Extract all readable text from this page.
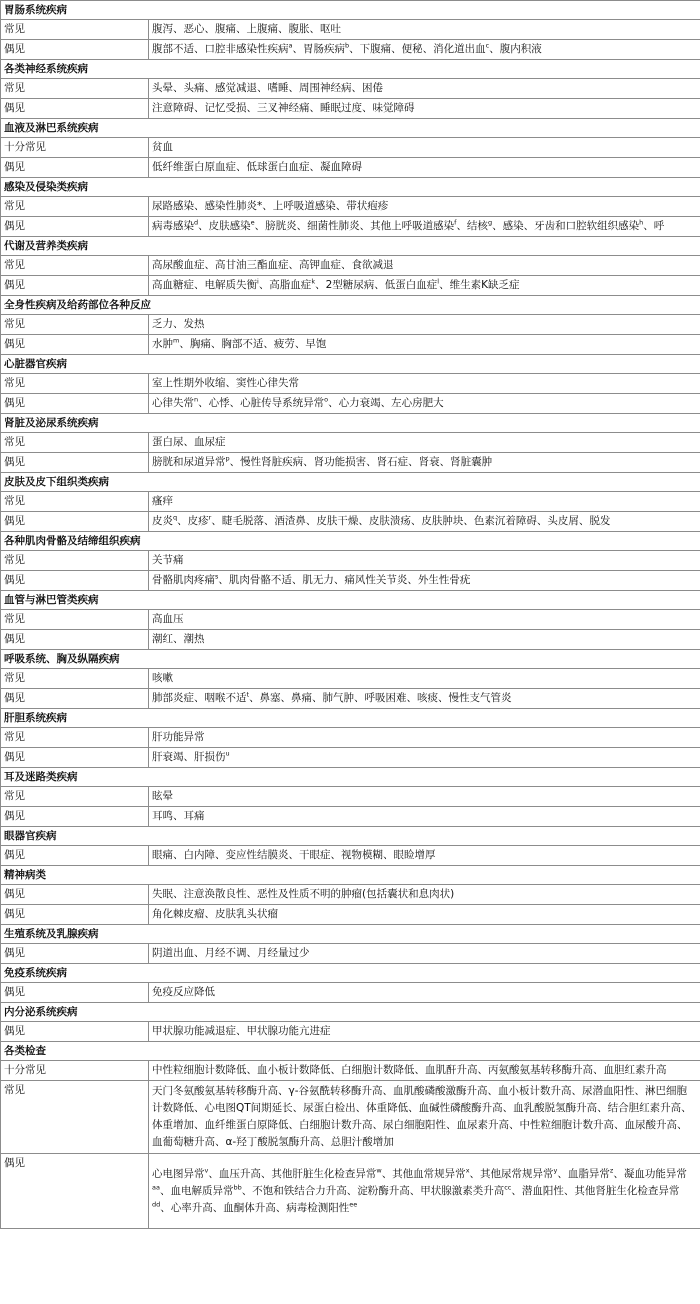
胃肠系统疾病	
常见	腹泻、恶心、腹痛、上腹痛、腹胀、呕吐
偶见	腹部不适、口腔非感染性疾病$^a$、胃肠疾病$^b$、下腹痛、便秘、消化道出血$^c$、腹内积液
各类神经系统疾病	
常见	头晕、头痛、感觉减退、嗜睡、周围神经病、困倦
偶见	注意障碍、记忆受损、三叉神经痛、睡眠过度、味觉障碍
血液及淋巴系统疾病	
十分常见	贫血
偶见	低纤维蛋白原血症、低球蛋白血症、凝血障碍
感染及侵染类疾病	
常见	尿路感染、感染性肺炎*、上呼吸道感染、带状疱疹
偶见	病毒感染$^d$、皮肤感染$^e$、膀胱炎、细菌性肺炎、其他上呼吸道感染$^f$、结核$^g$、感染、牙齿和口腔软组织感染$^h$、呼
代谢及营养类疾病	
常见	高尿酸血症、高甘油三酯血症、高钾血症、食欲减退
偶见	高血糖症、电解质失衡$^i$、高脂血症$^k$、2型糖尿病、低蛋白血症$^l$、维生素K缺乏症
全身性疾病及给药部位各种反应	
常见	乏力、发热
偶见	水肿$^m$、胸痛、胸部不适、疲劳、早饱
心脏器官疾病	
常见	室上性期外收缩、窦性心律失常
偶见	心律失常$^n$、心悸、心脏传导系统异常$^o$、心力衰竭、左心房肥大
肾脏及泌尿系统疾病	
常见	蛋白尿、血尿症
偶见	膀胱和尿道异常$^p$、慢性肾脏疾病、肾功能损害、肾石症、肾衰、肾脏囊肿
皮肤及皮下组织类疾病	
常见	瘙痒
偶见	皮炎$^q$、皮疹$^r$、睫毛脱落、酒渣鼻、皮肤干燥、皮肤溃疡、皮肤肿块、色素沉着障碍、头皮屑、脱发
各种肌肉骨骼及结缔组织疾病	
常见	关节痛
偶见	骨骼肌肉疼痛$^s$、肌肉骨骼不适、肌无力、痛风性关节炎、外生性骨疣
血管与淋巴管类疾病	
常见	高血压
偶见	潮红、潮热
呼吸系统、胸及纵隔疾病	
常见	咳嗽
偶见	肺部炎症、咽喉不适$^t$、鼻塞、鼻痛、肺气肿、呼吸困难、咳痰、慢性支气管炎
肝胆系统疾病	
常见	肝功能异常
偶见	肝衰竭、肝损伤$^u$
耳及迷路类疾病	
常见	眩晕
偶见	耳鸣、耳痛
眼器官疾病	
偶见	眼痛、白内障、变应性结膜炎、干眼症、视物模糊、眼睑增厚
精神病类	
偶见	失眠、注意涣散良性、恶性及性质不明的肿瘤(包括囊状和息肉状)
偶见	角化棘皮瘤、皮肤乳头状瘤
生殖系统及乳腺疾病	
偶见	阴道出血、月经不调、月经量过少
免疫系统疾病	
偶见	免疫反应降低
内分泌系统疾病	
偶见	甲状腺功能减退症、甲状腺功能亢进症
各类检查	
十分常见	中性粒细胞计数降低、血小板计数降低、白细胞计数降低、血肌酐升高、丙氨酸氨基转移酶升高、血胆红素升高
常见	天门冬氨酸氨基转移酶升高、γ-谷氨酰转移酶升高、血肌酸磷酸激酶升高、血小板计数升高、尿潜血阳性、淋巴细胞计数降低、心电图QT间期延长、尿蛋白检出、体重降低、血碱性磷酸酶升高、血乳酸脱氢酶升高、结合胆红素升高、体重增加、血纤维蛋白原降低、白细胞计数升高、尿白细胞阳性、血尿素升高、中性粒细胞计数升高、血尿酸升高、血葡萄糖升高、α-羟丁酸脱氢酶升高、总胆汁酸增加
偶见	心电图异常$^v$、血压升高、其他肝脏生化检查异常$^w$、其他血常规异常$^x$、其他尿常规异常$^y$、血脂异常$^z$、凝血功能异常$^{aa}$、血电解质异常$^{bb}$、不饱和铁结合力升高、淀粉酶升高、甲状腺激素类升高$^{cc}$、潜血阳性、其他肾脏生化检查异常$^{dd}$、心率升高、血酮体升高、病毒检测阳性$^{ee}$
